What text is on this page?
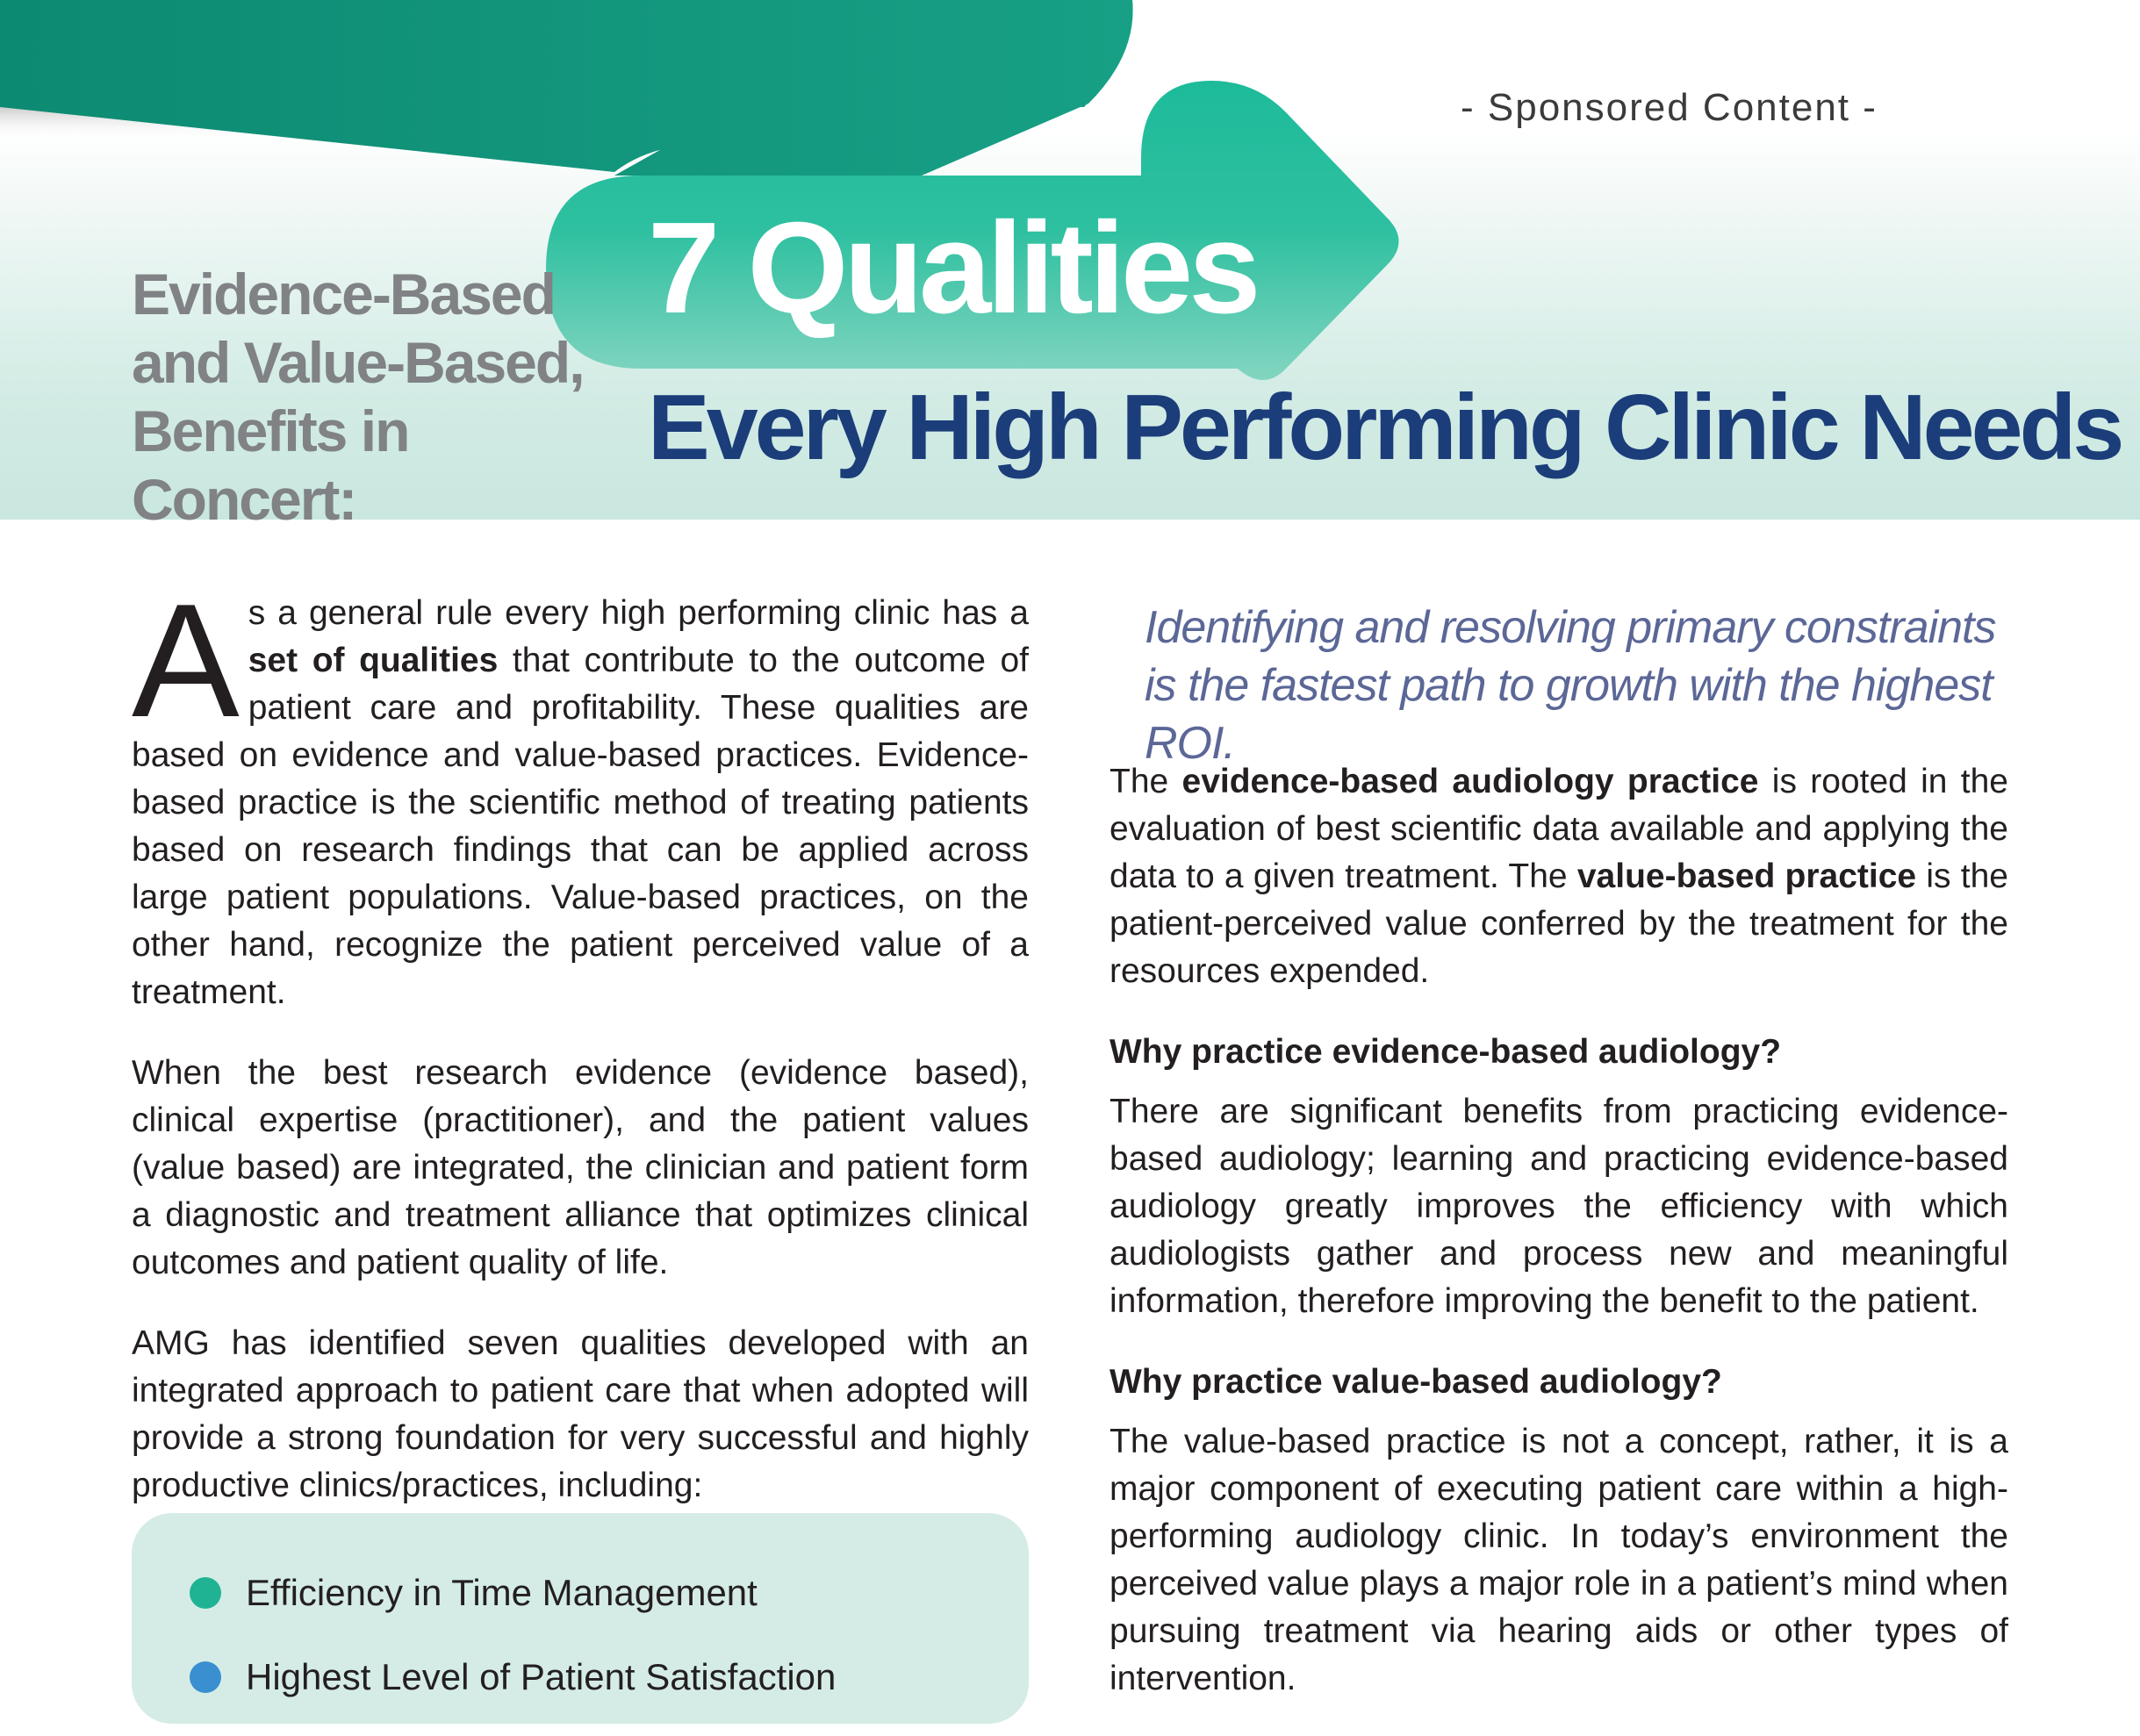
- Sponsored Content -
Evidence-Based
and Value-Based,
Benefits in Concert:
7 Qualities
Every High Performing Clinic Needs

As a general rule every high performing clinic has a set of qualities that contribute to the outcome of patient care and profitability. These qualities are based on evidence and value-based practices. Evidence-based practice is the scientific method of treating patients based on research findings that can be applied across large patient populations. Value-based practices, on the other hand, recognize the patient perceived value of a treatment.

When the best research evidence (evidence based), clinical expertise (practitioner), and the patient values (value based) are integrated, the clinician and patient form a diagnostic and treatment alliance that optimizes clinical outcomes and patient quality of life.

AMG has identified seven qualities developed with an integrated approach to patient care that when adopted will provide a strong foundation for very successful and highly productive clinics/practices, including:

Efficiency in Time Management
Highest Level of Patient Satisfaction

Identifying and resolving primary constraints is the fastest path to growth with the highest ROI.

The evidence-based audiology practice is rooted in the evaluation of best scientific data available and applying the data to a given treatment. The value-based practice is the patient-perceived value conferred by the treatment for the resources expended.

Why practice evidence-based audiology?

There are significant benefits from practicing evidence-based audiology; learning and practicing evidence-based audiology greatly improves the efficiency with which audiologists gather and process new and meaningful information, therefore improving the benefit to the patient.

Why practice value-based audiology?

The value-based practice is not a concept, rather, it is a major component of executing patient care within a high-performing audiology clinic. In today’s environment the perceived value plays a major role in a patient’s mind when pursuing treatment via hearing aids or other types of intervention.
